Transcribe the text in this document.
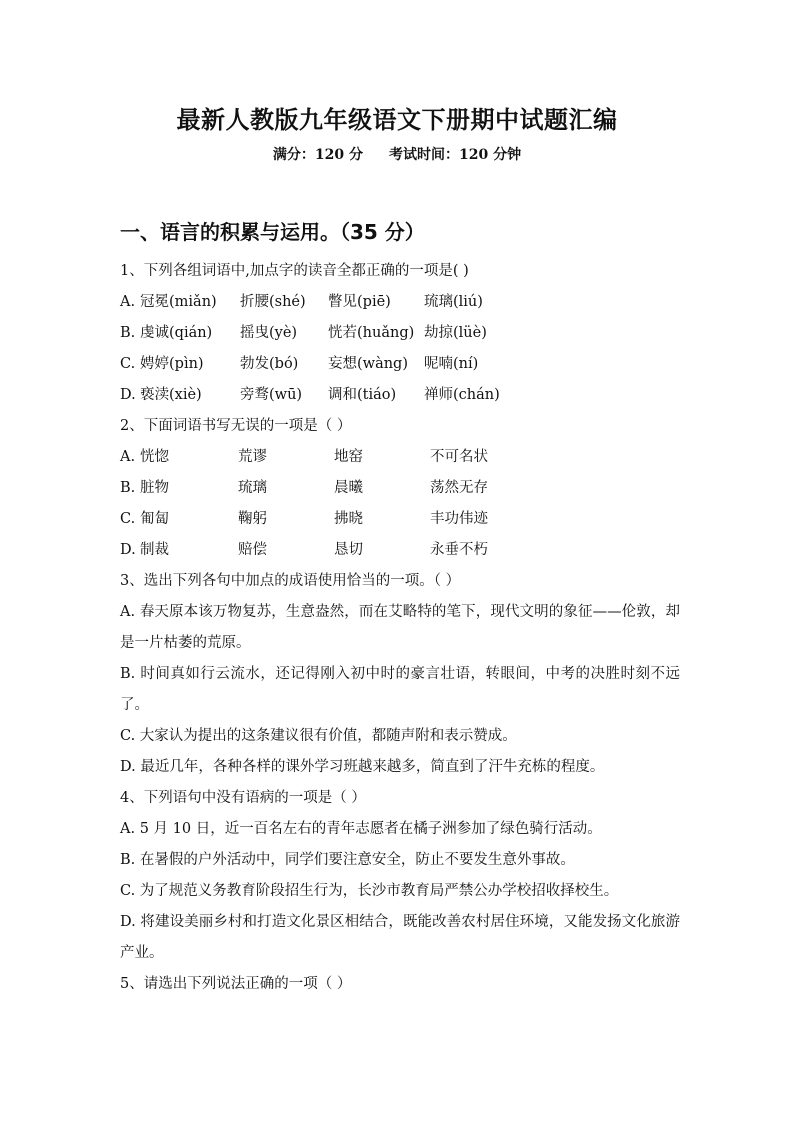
最新人教版九年级语文下册期中试题汇编
满分：120 分 考试时间：120 分钟
一、语言的积累与运用。（35 分）
1、下列各组词语中,加点字的读音全都正确的一项是( )
A. 冠冕(miǎn) 折腰(shé) 瞥见(piē) 琉璃(liú)
B. 虔诚(qián) 摇曳(yè) 恍若(huǎng) 劫掠(lüè)
C. 娉婷(pìn)	勃发(bó) 妄想(wàng) 呢喃(ní)
D. 亵渎(xiè)	旁骛(wū) 调和(tiáo) 禅师(chán)
2、下面词语书写无误的一项是（ ）
A. 恍惚	荒谬	地窑	不可名状
B. 脏物	琉璃	晨曦	荡然无存
C. 匍匐	鞠躬	拂晓	丰功伟迹
D. 制裁	赔偿	恳切	永垂不朽
3、选出下列各句中加点的成语使用恰当的一项。（ ）
A. 春天原本该万物复苏，生意盎然，而在艾略特的笔下，现代文明的象征——伦敦，却是一片枯萎的荒原。
B. 时间真如行云流水，还记得刚入初中时的豪言壮语，转眼间，中考的决胜时刻不远了。
C. 大家认为提出的这条建议很有价值，都随声附和表示赞成。
D. 最近几年，各种各样的课外学习班越来越多，简直到了汗牛充栋的程度。
4、下列语句中没有语病的一项是（ ）
A. 5 月 10 日，近一百名左右的青年志愿者在橘子洲参加了绿色骑行活动。
B. 在暑假的户外活动中，同学们要注意安全，防止不要发生意外事故。
C. 为了规范义务教育阶段招生行为，长沙市教育局严禁公办学校招收择校生。
D. 将建设美丽乡村和打造文化景区相结合，既能改善农村居住环境，又能发扬文化旅游产业。
5、请选出下列说法正确的一项（ ）
